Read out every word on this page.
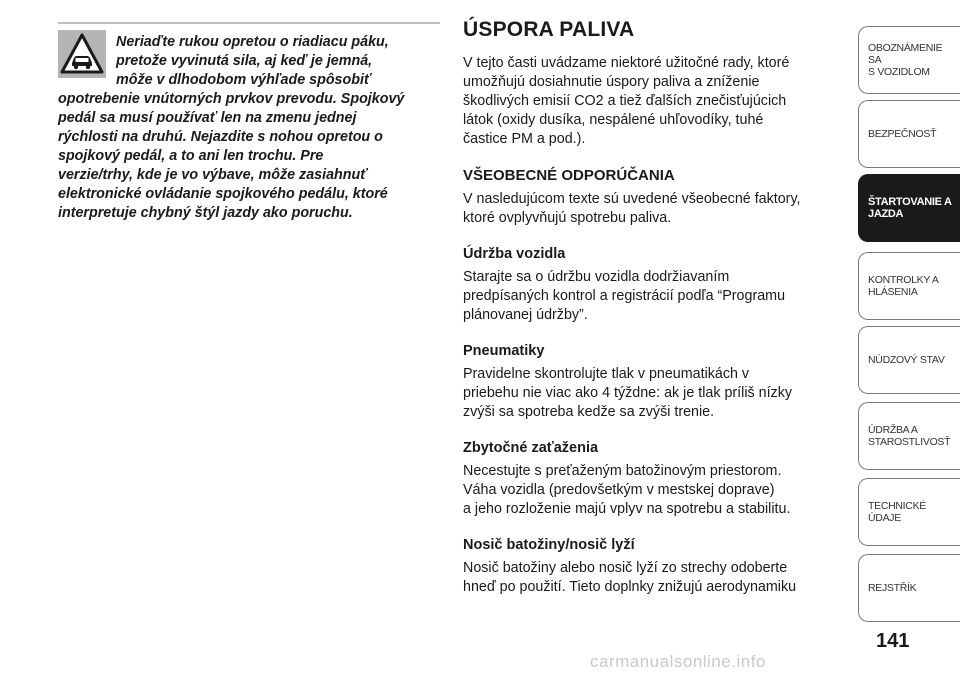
Neriaďte rukou opretou o riadiacu páku,
pretože vyvinutá sila, aj keď je jemná,
môže v dlhodobom výhľade spôsobiť
opotrebenie vnútorných prvkov prevodu. Spojkový
pedál sa musí používať len na zmenu jednej
rýchlosti na druhú. Nejazdite s nohou opretou o
spojkový pedál, a to ani len trochu. Pre
verzie/trhy, kde je vo výbave, môže zasiahnuť
elektronické ovládanie spojkového pedálu, ktoré
interpretuje chybný štýl jazdy ako poruchu.
ÚSPORA PALIVA
V tejto časti uvádzame niektoré užitočné rady, ktoré
umožňujú dosiahnutie úspory paliva a zníženie
škodlivých emisií CO2 a tiež ďalších znečisťujúcich
látok (oxidy dusíka, nespálené uhľovodíky, tuhé
častice PM a pod.).
VŠEOBECNÉ ODPORÚČANIA
V nasledujúcom texte sú uvedené všeobecné faktory,
ktoré ovplyvňujú spotrebu paliva.
Údržba vozidla
Starajte sa o údržbu vozidla dodržiavaním
predpísaných kontrol a registrácií podľa “Programu
plánovanej údržby”.
Pneumatiky
Pravidelne skontrolujte tlak v pneumatikách v
priebehu nie viac ako 4 týždne: ak je tlak príliš nízky
zvýši sa spotreba kedže sa zvýši trenie.
Zbytočné zaťaženia
Necestujte s preťaženým batožinovým priestorom.
Váha vozidla (predovšetkým v mestskej doprave)
a jeho rozloženie majú vplyv na spotrebu a stabilitu.
Nosič batožiny/nosič lyží
Nosič batožiny alebo nosič lyží zo strechy odoberte
hneď po použití. Tieto doplnky znižujú aerodynamiku
OBOZNÁMENIE SA
S VOZIDLOM
BEZPEČNOSŤ
ŠTARTOVANIE A
JAZDA
KONTROLKY A
HLÁSENIA
NÚDZOVÝ STAV
ÚDRŽBA A
STAROSTLIVOSŤ
TECHNICKÉ ÚDAJE
REJSTŘÍK
141
carmanualsonline.info
